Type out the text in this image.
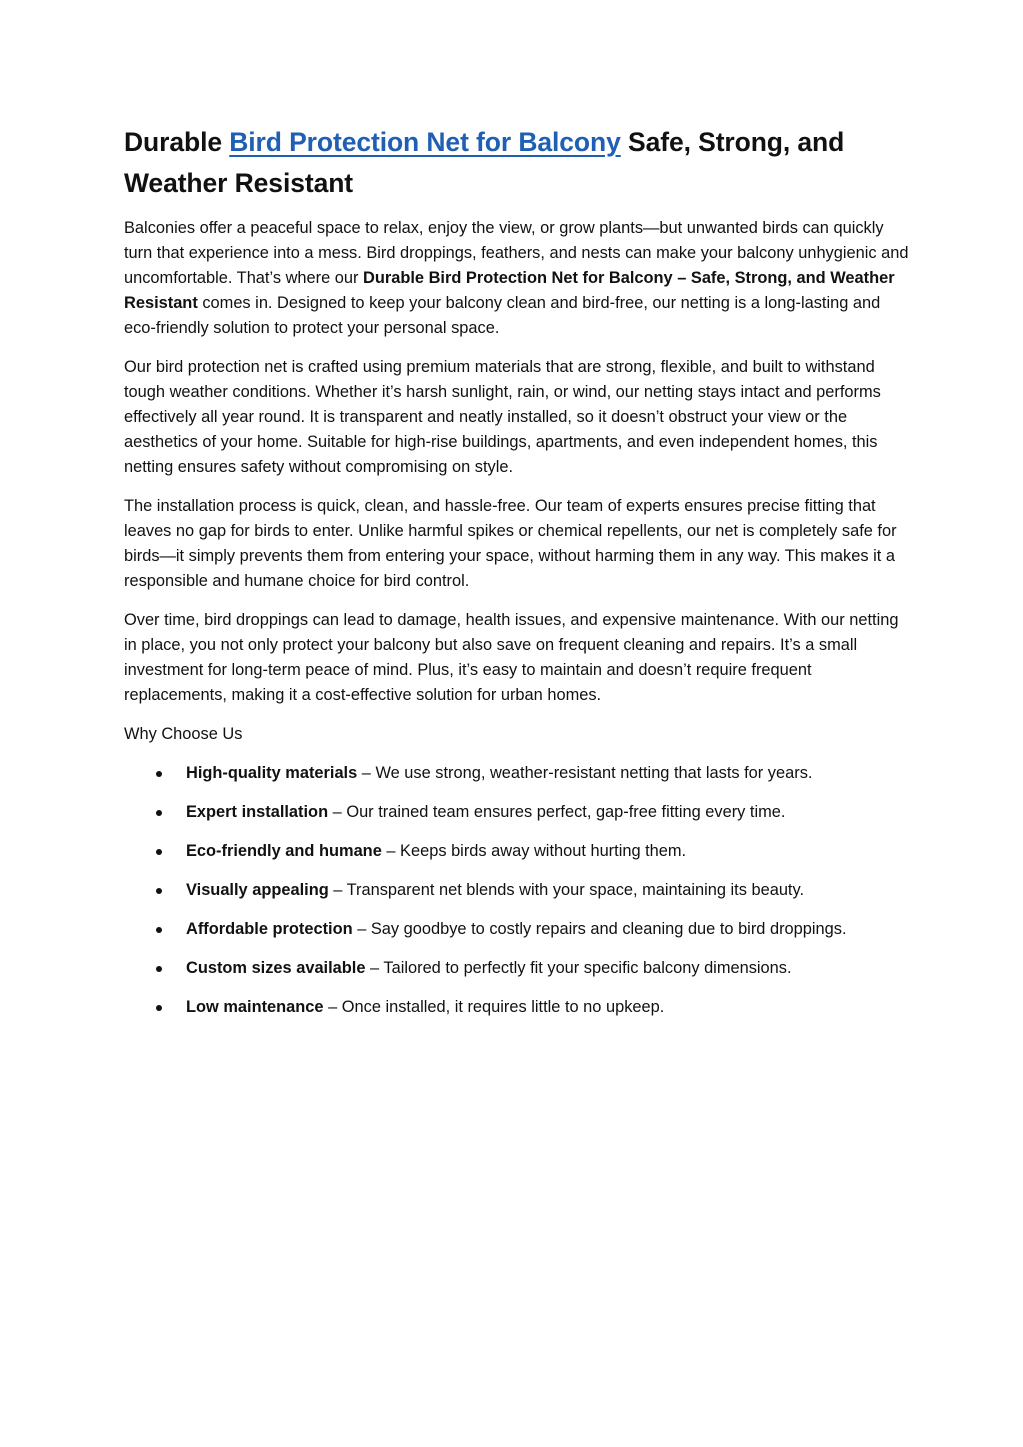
Durable Bird Protection Net for Balcony Safe, Strong, and Weather Resistant

Balconies offer a peaceful space to relax, enjoy the view, or grow plants—but unwanted birds can quickly turn that experience into a mess. Bird droppings, feathers, and nests can make your balcony unhygienic and uncomfortable. That’s where our Durable Bird Protection Net for Balcony – Safe, Strong, and Weather Resistant comes in. Designed to keep your balcony clean and bird-free, our netting is a long-lasting and eco-friendly solution to protect your personal space.

Our bird protection net is crafted using premium materials that are strong, flexible, and built to withstand tough weather conditions. Whether it’s harsh sunlight, rain, or wind, our netting stays intact and performs effectively all year round. It is transparent and neatly installed, so it doesn’t obstruct your view or the aesthetics of your home. Suitable for high-rise buildings, apartments, and even independent homes, this netting ensures safety without compromising on style.

The installation process is quick, clean, and hassle-free. Our team of experts ensures precise fitting that leaves no gap for birds to enter. Unlike harmful spikes or chemical repellents, our net is completely safe for birds—it simply prevents them from entering your space, without harming them in any way. This makes it a responsible and humane choice for bird control.

Over time, bird droppings can lead to damage, health issues, and expensive maintenance. With our netting in place, you not only protect your balcony but also save on frequent cleaning and repairs. It’s a small investment for long-term peace of mind. Plus, it’s easy to maintain and doesn’t require frequent replacements, making it a cost-effective solution for urban homes.

Why Choose Us

High-quality materials – We use strong, weather-resistant netting that lasts for years.
Expert installation – Our trained team ensures perfect, gap-free fitting every time.
Eco-friendly and humane – Keeps birds away without hurting them.
Visually appealing – Transparent net blends with your space, maintaining its beauty.
Affordable protection – Say goodbye to costly repairs and cleaning due to bird droppings.
Custom sizes available – Tailored to perfectly fit your specific balcony dimensions.
Low maintenance – Once installed, it requires little to no upkeep.
